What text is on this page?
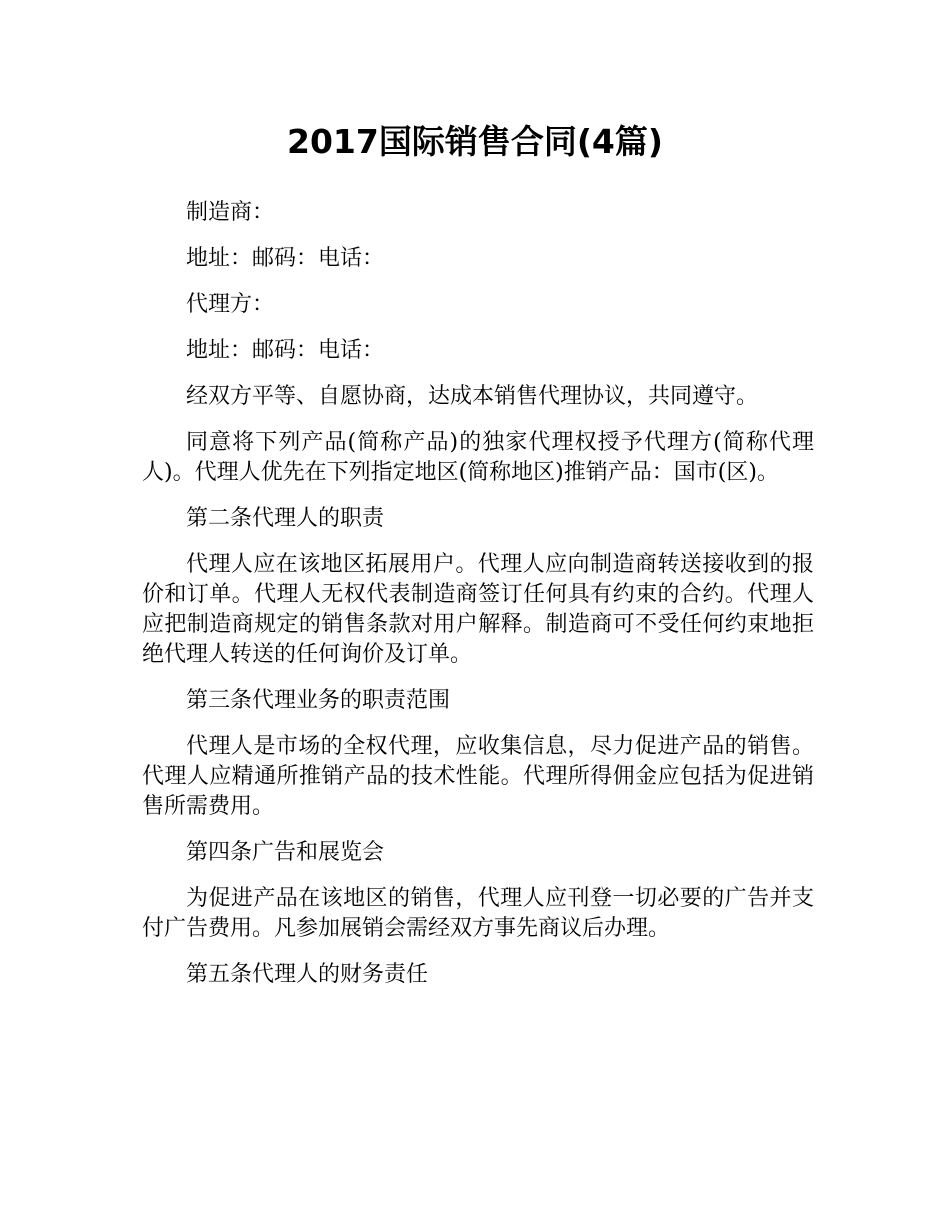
2017国际销售合同(4篇)

制造商：

地址：邮码：电话：

代理方：

地址：邮码：电话：

经双方平等、自愿协商，达成本销售代理协议，共同遵守。

同意将下列产品(简称产品)的独家代理权授予代理方(简称代理人)。代理人优先在下列指定地区(简称地区)推销产品：国市(区)。

第二条代理人的职责

代理人应在该地区拓展用户。代理人应向制造商转送接收到的报价和订单。代理人无权代表制造商签订任何具有约束的合约。代理人应把制造商规定的销售条款对用户解释。制造商可不受任何约束地拒绝代理人转送的任何询价及订单。

第三条代理业务的职责范围

代理人是市场的全权代理，应收集信息，尽力促进产品的销售。代理人应精通所推销产品的技术性能。代理所得佣金应包括为促进销售所需费用。

第四条广告和展览会

为促进产品在该地区的销售，代理人应刊登一切必要的广告并支付广告费用。凡参加展销会需经双方事先商议后办理。

第五条代理人的财务责任
